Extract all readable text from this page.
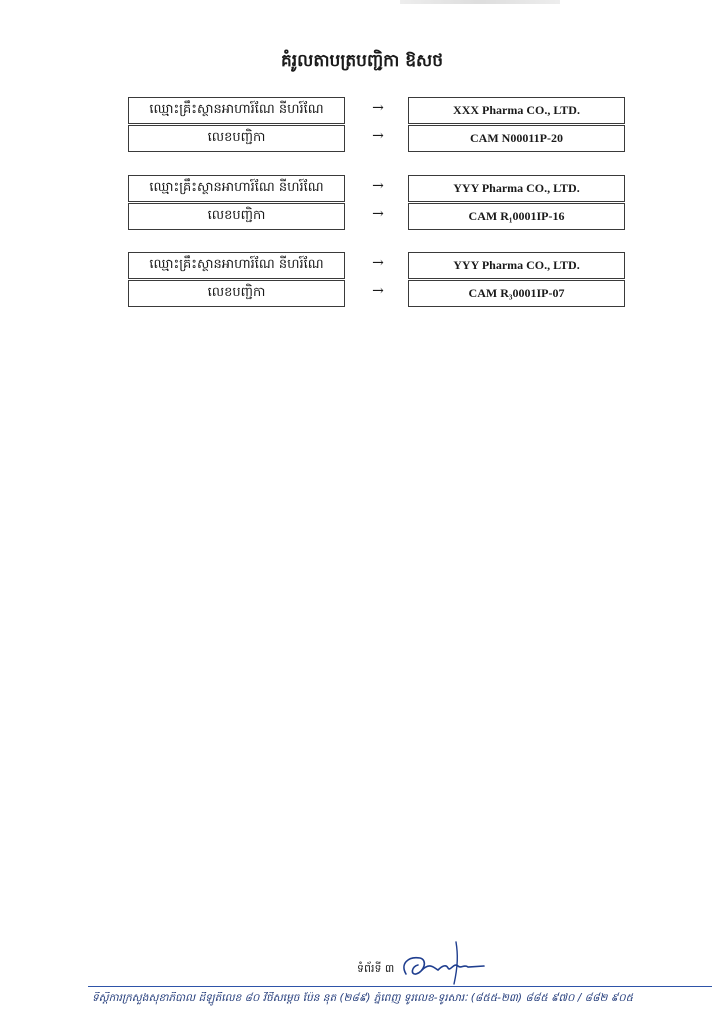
គំរូលតាបត្របញ្ជិកា ឱសថ
ឈ្មោះគ្រឹះស្ថានអាហារ៍ណែ នីហរ៍ណែ	→	XXX Pharma CO., LTD.
លេខបញ្ជិកា	→	CAM N00011P-20
ឈ្មោះគ្រឹះស្ថានអាហារ៍ណែ នីហរ៍ណែ	→	YYY Pharma CO., LTD.
លេខបញ្ជិកា	→	CAM R₁0001IP-16
ឈ្មោះគ្រឹះស្ថានអាហារ៍ណែ នីហរ៍ណែ	→	YYY Pharma CO., LTD.
លេខបញ្ជិកា	→	CAM R₃0001IP-07
ទំព័រទី ៣
ទីស្តីការក្រសួងសុខាភិបាល ដីឡូតិ៍លេខ ៨០ វិថីសម្តេច ប៉ែន នុត (២៨៩) ភ្នំពេញ ទូរលេខ-ទូរសារៈ (៨៥៥-២៣) ៨៨៥ ៩៧០ / ៨៨២ ៩០៥
